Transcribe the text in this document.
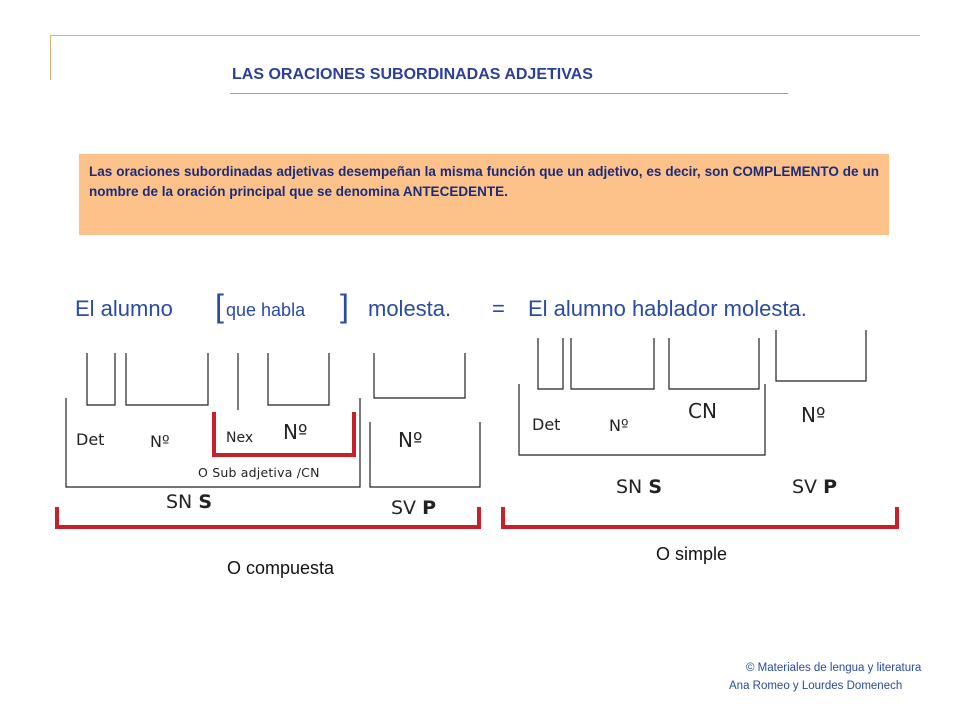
LAS ORACIONES SUBORDINADAS ADJETIVAS
Las oraciones subordinadas adjetivas desempeñan la misma función que un adjetivo, es decir, son COMPLEMENTO de un nombre de la oración principal que se denomina ANTECEDENTE.
El alumno [ que habla ] molesta. = El alumno hablador molesta.
Det	Nº	Nex Nº	Nº
O Sub adjetiva /CN
SN S	SV P
O compuesta
Det	Nº
CN	Nº
SN S	SV P
O simple
© Materiales de lengua y literatura
Ana Romeo y Lourdes Domenech
